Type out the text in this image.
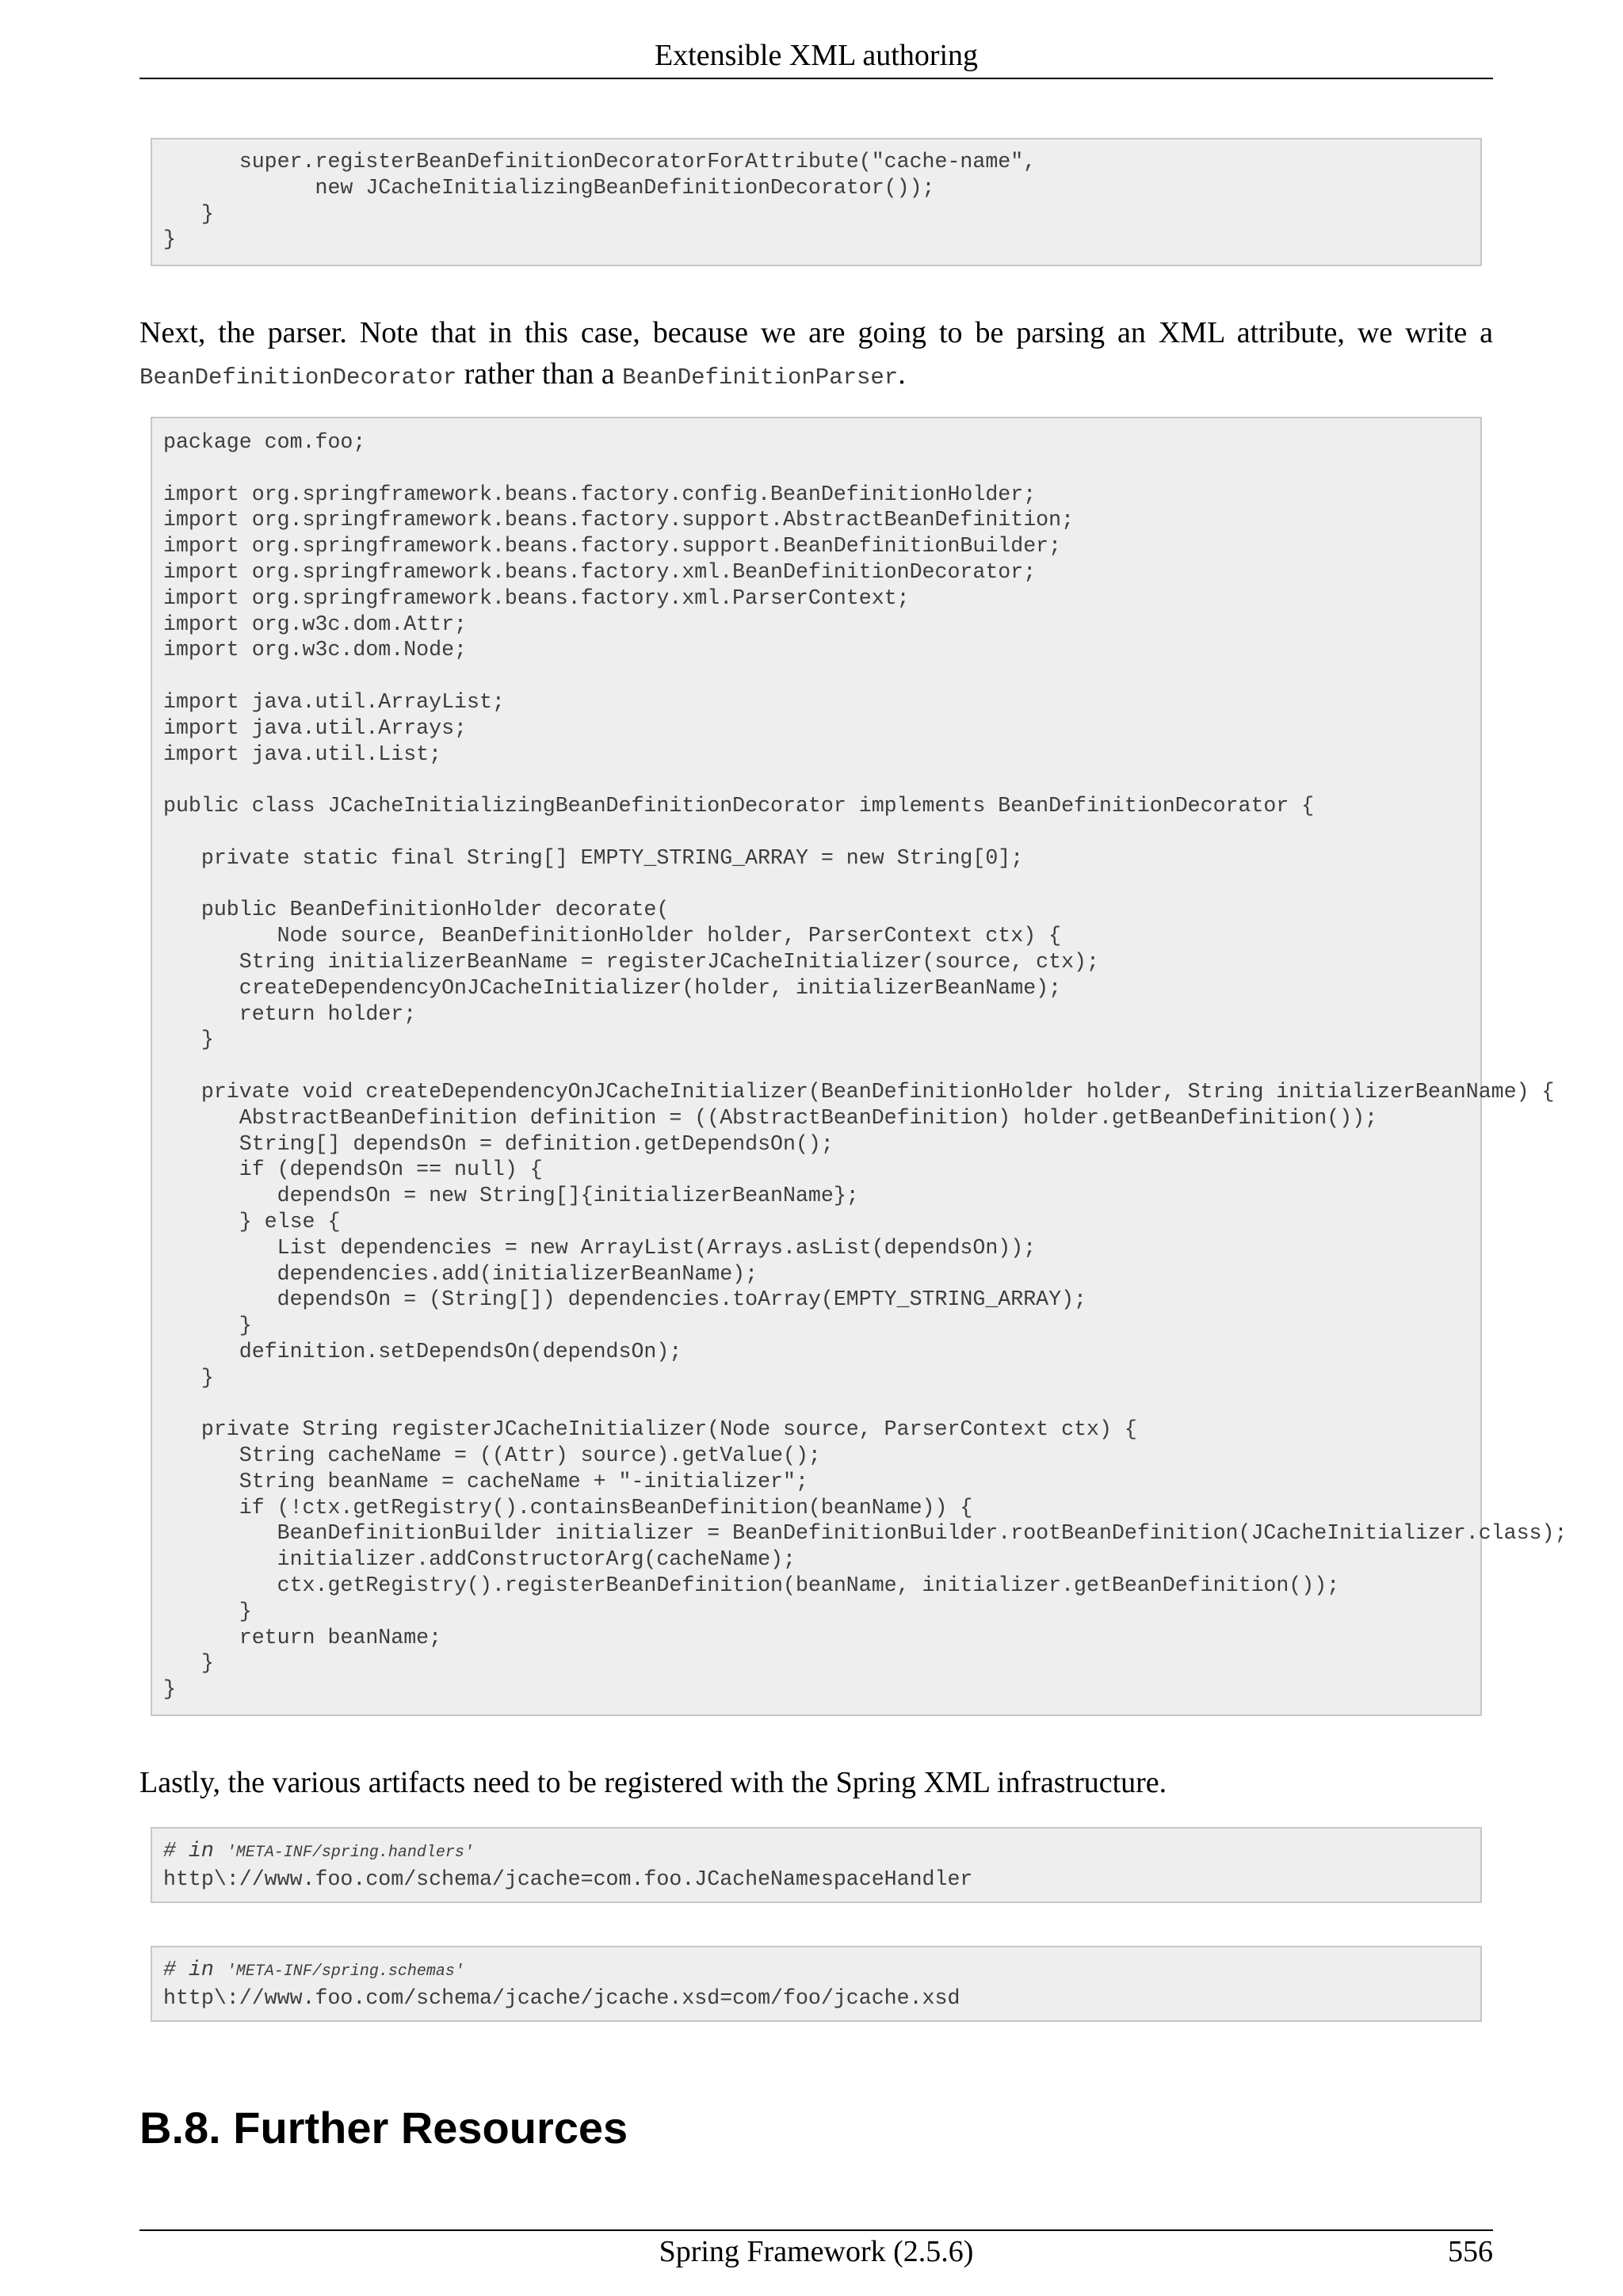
Extensible XML authoring
super.registerBeanDefinitionDecoratorForAttribute("cache-name",
new JCacheInitializingBeanDefinitionDecorator());
}
}
Next, the parser. Note that in this case, because we are going to be parsing an XML attribute, we write a BeanDefinitionDecorator rather than a BeanDefinitionParser.
package com.foo;

import org.springframework.beans.factory.config.BeanDefinitionHolder;
import org.springframework.beans.factory.support.AbstractBeanDefinition;
import org.springframework.beans.factory.support.BeanDefinitionBuilder;
import org.springframework.beans.factory.xml.BeanDefinitionDecorator;
import org.springframework.beans.factory.xml.ParserContext;
import org.w3c.dom.Attr;
import org.w3c.dom.Node;

import java.util.ArrayList;
import java.util.Arrays;
import java.util.List;

public class JCacheInitializingBeanDefinitionDecorator implements BeanDefinitionDecorator {

private static final String[] EMPTY_STRING_ARRAY = new String[0];

public BeanDefinitionHolder decorate(
Node source, BeanDefinitionHolder holder, ParserContext ctx) {
String initializerBeanName = registerJCacheInitializer(source, ctx);
createDependencyOnJCacheInitializer(holder, initializerBeanName);
return holder;
}

private void createDependencyOnJCacheInitializer(BeanDefinitionHolder holder, String initializerBeanName) {
AbstractBeanDefinition definition = ((AbstractBeanDefinition) holder.getBeanDefinition());
String[] dependsOn = definition.getDependsOn();
if (dependsOn == null) {
dependsOn = new String[]{initializerBeanName};
} else {
List dependencies = new ArrayList(Arrays.asList(dependsOn));
dependencies.add(initializerBeanName);
dependsOn = (String[]) dependencies.toArray(EMPTY_STRING_ARRAY);
}
definition.setDependsOn(dependsOn);
}

private String registerJCacheInitializer(Node source, ParserContext ctx) {
String cacheName = ((Attr) source).getValue();
String beanName = cacheName + "-initializer";
if (!ctx.getRegistry().containsBeanDefinition(beanName)) {
BeanDefinitionBuilder initializer = BeanDefinitionBuilder.rootBeanDefinition(JCacheInitializer.class);
initializer.addConstructorArg(cacheName);
ctx.getRegistry().registerBeanDefinition(beanName, initializer.getBeanDefinition());
}
return beanName;
}
}
Lastly, the various artifacts need to be registered with the Spring XML infrastructure.
# in 'META-INF/spring.handlers'
http\://www.foo.com/schema/jcache=com.foo.JCacheNamespaceHandler
# in 'META-INF/spring.schemas'
http\://www.foo.com/schema/jcache/jcache.xsd=com/foo/jcache.xsd
B.8. Further Resources
Spring Framework (2.5.6)	556
